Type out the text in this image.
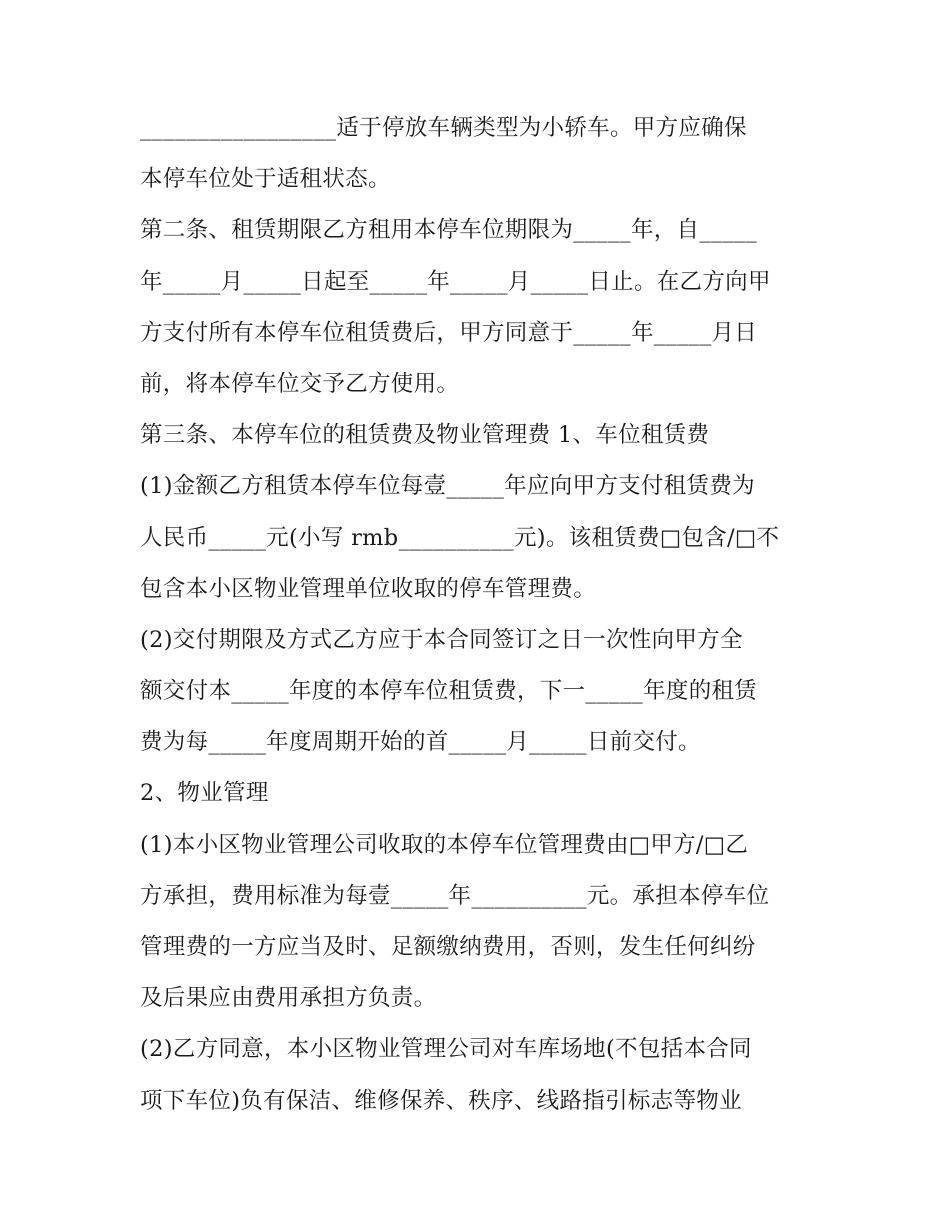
_________________适于停放车辆类型为小轿车。甲方应确保
本停车位处于适租状态。
第二条、租赁期限乙方租用本停车位期限为_____年，自_____
年_____月_____日起至_____年_____月_____日止。在乙方向甲
方支付所有本停车位租赁费后，甲方同意于_____年_____月日
前，将本停车位交予乙方使用。
第三条、本停车位的租赁费及物业管理费 1、车位租赁费
(1)金额乙方租赁本停车位每壹_____年应向甲方支付租赁费为
人民币_____元(小写 rmb__________元)。该租赁费□包含/□不
包含本小区物业管理单位收取的停车管理费。
(2)交付期限及方式乙方应于本合同签订之日一次性向甲方全
额交付本_____年度的本停车位租赁费，下一_____年度的租赁
费为每_____年度周期开始的首_____月_____日前交付。
2、物业管理
(1)本小区物业管理公司收取的本停车位管理费由□甲方/□乙
方承担，费用标准为每壹_____年__________元。承担本停车位
管理费的一方应当及时、足额缴纳费用，否则，发生任何纠纷
及后果应由费用承担方负责。
(2)乙方同意，本小区物业管理公司对车库场地(不包括本合同
项下车位)负有保洁、维修保养、秩序、线路指引标志等物业
